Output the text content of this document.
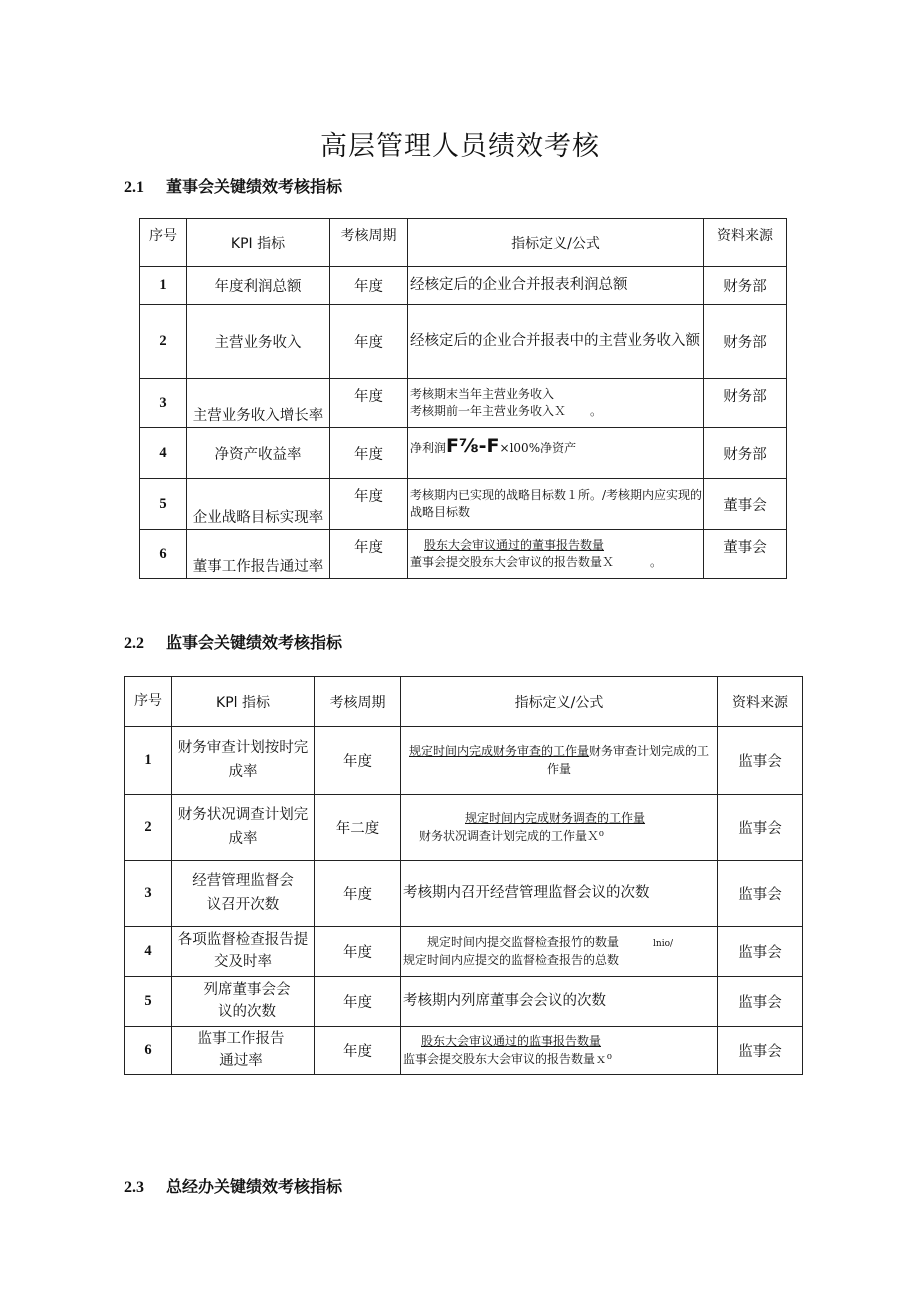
高层管理人员绩效考核
2.1 董事会关键绩效考核指标
序号	KPI 指标	考核周期	指标定义/公式	资料来源
1	年度利润总额	年度	经核定后的企业合并报表利润总额	财务部
2	主营业务收入	年度	经核定后的企业合并报表中的主营业务收入额	财务部
3	主营业务收入增长率	年度	考核期末当年主营业务收入
考核期前一年主营业务收入Ｘ　　。	财务部
4	净资产收益率	年度	净利润F⅞-F×l00%净资产	财务部
5	企业战略目标实现率	年度	考核期内已实现的战略目标数１所。/考核期内应实现的战略目标数	董事会
6	董事工作报告通过率	年度	股东大会审议通过的董事报告数量
董事会提交股东大会审议的报告数量Ｘ　　　。	董事会
2.2 监事会关键绩效考核指标
序号	KPl 指标	考核周期	指标定义/公式	资料来源
1	财务审查计划按时完成率	年度	规定时间内完成财务审查的工作量财务审查计划完成的工作量	监事会
2	财务状况调查计划完成率	年二度	规定时间内完成财务调查的工作量
财务状况调查计划完成的工作量Ｘ⁰	监事会
3	经营管理监督会议召开次数	年度	考核期内召开经营管理监督会议的次数	监事会
4	各项监督检查报告提交及时率	年度	规定时间内提交监督检查报竹的数量 lnio/
规定时间内应提交的监督检查报告的总数	监事会
5	列席董事会会议的次数	年度	考核期内列席董事会会议的次数	监事会
6	监事工作报告通过率	年度	股东大会审议通过的监事报告数量
监事会提交股东大会审议的报告数量ｘ⁰	监事会
2.3 总经办关键绩效考核指标
